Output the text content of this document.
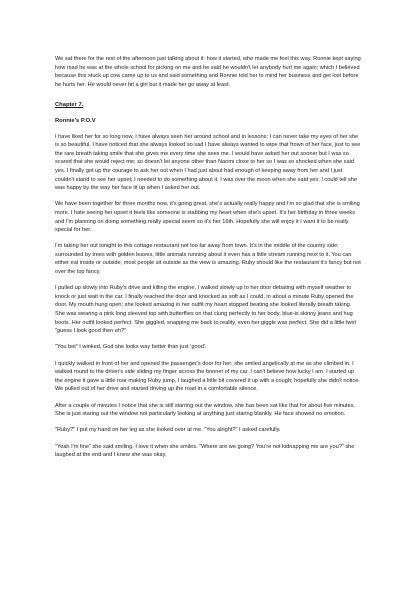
We sat there for the rest of the afternoon just talking about it: how it started, who made me feel this way. Ronnie kept saying how mad he was at the whole school for picking on me and he said he wouldn't let anybody hurt me again; which I believed because this stuck up cow came up to us and said something and Ronnie told her to mind her business and get lost before he hurts her. He would never hit a girl but it made her go away at least.

Chapter 7.

Ronnie's P.O.V

I have liked her for so long now, I have always seen her around school and in lessons; I can never take my eyes of her she is so beautiful. I have noticed that she always looked so sad I have always wanted to wipe that frown of her face, just to see the rare breath taking smile that she gives me every time she sees me. I would have asked her out sooner but I was so scared that she would reject me; so doesn't let anyone other than Naomi close to her so I was so shocked when she said yes. I finally got up the courage to ask her out when I had just about had enough of keeping away from her and I just couldn't stand to see her upset; I needed to do something about it. I was over the moon when she said yes; I could tell she was happy by the way her face lit up when I asked her out.

We have been together for three months now, it's going great, she's actually really happy and I'm so glad that she is smiling more. I hate seeing her upset it feels like someone is stabbing my heart when she's upset. It's her birthday in three weeks and I'm planning on doing something really special seem so it's her 16th. Hopefully she will enjoy it I want it to be really special for her.

I'm taking her out tonight to this cottage restaurant not too far away from town. It's in the middle of the country side: surrounded by trees with golden leaves, little animals running about it even has a little stream running next to it. You can either eat inside or outside; most people sit outside as the view is amazing. Ruby should like the restaurant it's fancy but not over the top fancy.

I pulled up slowly into Ruby's drive and killing the engine, I walked slowly up to her door debating with myself weather to knock or just wait in the car. I finally reached the door and knocked as soft as I could, in about a minute Ruby opened the door. My mouth hung open; she looked amazing in her outfit my heart stopped beating she looked literally breath taking. She was wearing a pink long sleeved top with butterflies on that clung perfectly to her body, blue-is skinny jeans and hug boots. Her outfit looked perfect. She giggled, snapping me back to reality, even her giggle was perfect. She did a little twirl "guess I look good then eh?"

"You bet" I winked, God she looks way better than just 'good'.

I quickly walked in front of her and opened the passenger's door for her; she smiled angelically at me as she climbed in. I walked round to the driver's side sliding my finger across the bonnet of my car. I can't believe how lucky I am. I started up the engine it gave a little roar making Ruby jump, I laughed a little bit covered it up with a cough; hopefully she didn't notice. We pulled out of her drive and started driving up the road in a comfortable silence.

After a couple of minutes I notice that she is still starring out the window, she has been sat like that for about five minutes. She is just staring out the window not particularly looking at anything just staring blankly. He face showed no emotion.

"Ruby?" I put my hand on her leg as she looked over at me. "You alright?" I asked carefully.

"Yeah I'm fine" she said smiling. I love it when she smiles. "Where are we going? You're not kidnapping me are you?" she laughed at the end and I knew she was okay.
